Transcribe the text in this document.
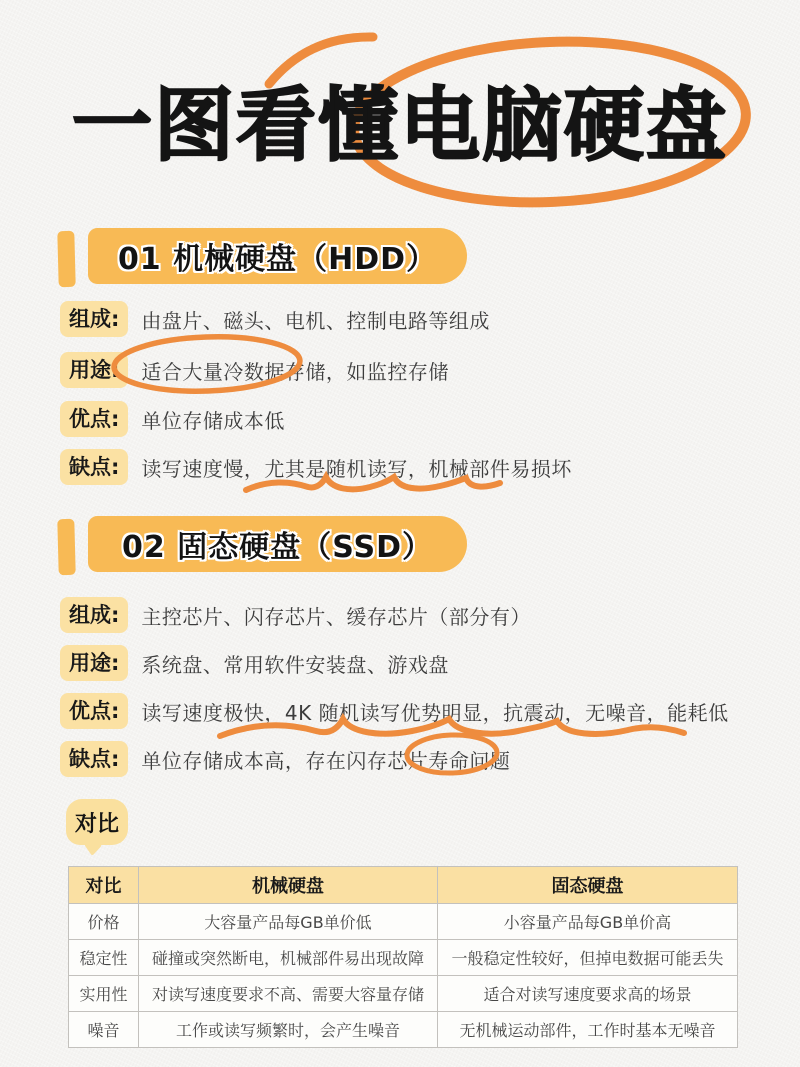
一图看懂电脑硬盘
01 机械硬盘（HDD）
组成:	由盘片、磁头、电机、控制电路等组成
用途:	适合大量冷数据存储，如监控存储
优点:	单位存储成本低
缺点:	读写速度慢，尤其是随机读写，机械部件易损坏
02 固态硬盘（SSD）
组成:	主控芯片、闪存芯片、缓存芯片（部分有）
用途:	系统盘、常用软件安装盘、游戏盘
优点:	读写速度极快，4K 随机读写优势明显，抗震动，无噪音，能耗低
缺点:	单位存储成本高，存在闪存芯片寿命问题
对比
对比	机械硬盘	固态硬盘
价格	大容量产品每GB单价低	小容量产品每GB单价高
稳定性	碰撞或突然断电，机械部件易出现故障	一般稳定性较好，但掉电数据可能丢失
实用性	对读写速度要求不高、需要大容量存储	适合对读写速度要求高的场景
噪音	工作或读写频繁时，会产生噪音	无机械运动部件，工作时基本无噪音
